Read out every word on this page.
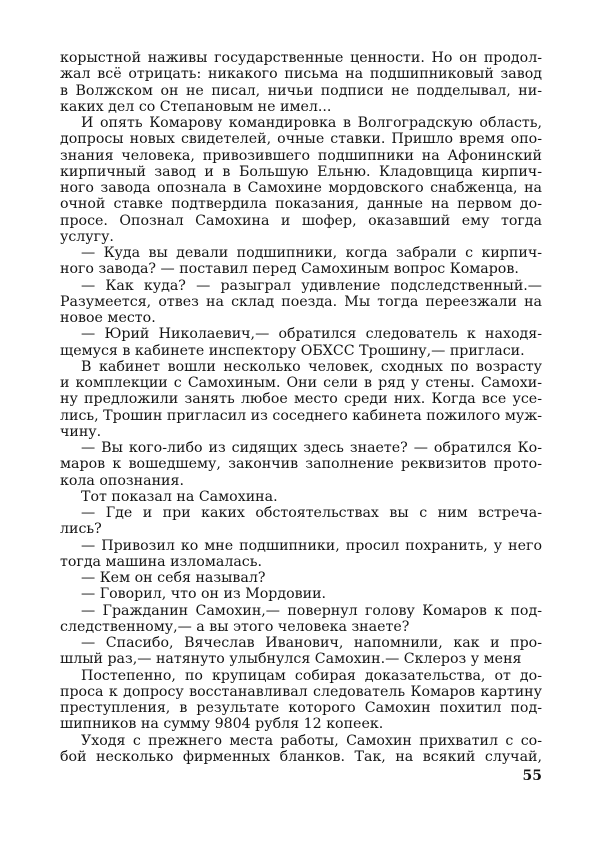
корыстной наживы государственные ценности. Но он продол-
жал всё отрицать: никакого письма на подшипниковый завод
в Волжском он не писал, ничьи подписи не подделывал, ни-
каких дел со Степановым не имел...
И опять Комарову командировка в Волгоградскую область,
допросы новых свидетелей, очные ставки. Пришло время опо-
знания человека, привозившего подшипники на Афонинский
кирпичный завод и в Большую Ельню. Кладовщица кирпич-
ного завода опознала в Самохине мордовского снабженца, на
очной ставке подтвердила показания, данные на первом до-
просе. Опознал Самохина и шофер, оказавший ему тогда
услугу.
— Куда вы девали подшипники, когда забрали с кирпич-
ного завода? — поставил перед Самохиным вопрос Комаров.
— Как куда? — разыграл удивление подследственный.—
Разумеется, отвез на склад поезда. Мы тогда переезжали на
новое место.
— Юрий Николаевич,— обратился следователь к находя-
щемуся в кабинете инспектору ОБХСС Трошину,— пригласи.
В кабинет вошли несколько человек, сходных по возрасту
и комплекции с Самохиным. Они сели в ряд у стены. Самохи-
ну предложили занять любое место среди них. Когда все усе-
лись, Трошин пригласил из соседнего кабинета пожилого муж-
чину.
— Вы кого-либо из сидящих здесь знаете? — обратился Ко-
маров к вошедшему, закончив заполнение реквизитов прото-
кола опознания.
Тот показал на Самохина.
— Где и при каких обстоятельствах вы с ним встреча-
лись?
— Привозил ко мне подшипники, просил похранить, у него
тогда машина изломалась.
— Кем он себя называл?
— Говорил, что он из Мордовии.
— Гражданин Самохин,— повернул голову Комаров к под-
следственному,— а вы этого человека знаете?
— Спасибо, Вячеслав Иванович, напомнили, как и про-
шлый раз,— натянуто улыбнулся Самохин.— Склероз у меня
Постепенно, по крупицам собирая доказательства, от до-
проса к допросу восстанавливал следователь Комаров картину
преступления, в результате которого Самохин похитил под-
шипников на сумму 9804 рубля 12 копеек.
Уходя с прежнего места работы, Самохин прихватил с со-
бой несколько фирменных бланков. Так, на всякий случай,
55
